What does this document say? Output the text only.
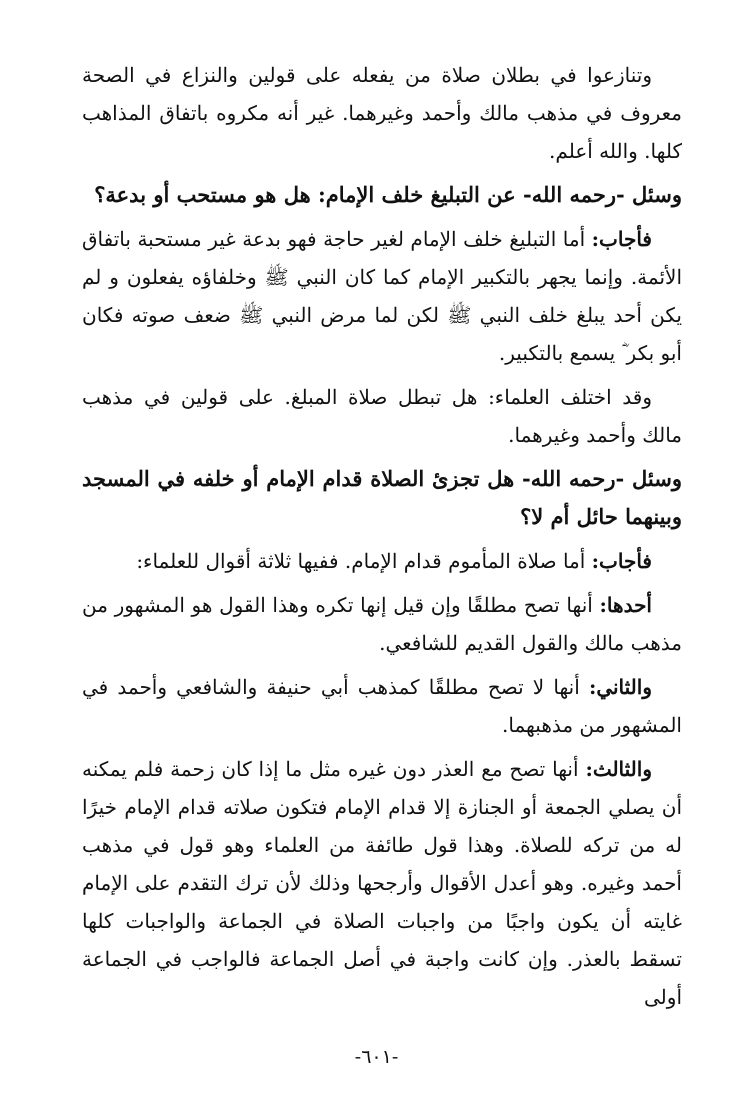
وتنازعوا في بطلان صلاة من يفعله على قولين والنزاع في الصحة معروف في مذهب مالك وأحمد وغيرهما. غير أنه مكروه باتفاق المذاهب كلها. والله أعلم.

وسئل -رحمه الله- عن التبليغ خلف الإمام: هل هو مستحب أو بدعة؟

فأجاب: أما التبليغ خلف الإمام لغير حاجة فهو بدعة غير مستحبة باتفاق الأئمة. وإنما يجهر بالتكبير الإمام كما كان النبي ﷺ وخلفاؤه يفعلون و لم يكن أحد يبلغ خلف النبي ﷺ لكن لما مرض النبي ﷺ ضعف صوته فكان أبو بكر ؓ يسمع بالتكبير.

وقد اختلف العلماء: هل تبطل صلاة المبلغ. على قولين في مذهب مالك وأحمد وغيرهما.

وسئل -رحمه الله- هل تجزئ الصلاة قدام الإمام أو خلفه في المسجد وبينهما حائل أم لا؟

فأجاب: أما صلاة المأموم قدام الإمام. ففيها ثلاثة أقوال للعلماء:

أحدها: أنها تصح مطلقًا وإن قيل إنها تكره وهذا القول هو المشهور من مذهب مالك والقول القديم للشافعي.

والثاني: أنها لا تصح مطلقًا كمذهب أبي حنيفة والشافعي وأحمد في المشهور من مذهبهما.

والثالث: أنها تصح مع العذر دون غيره مثل ما إذا كان زحمة فلم يمكنه أن يصلي الجمعة أو الجنازة إلا قدام الإمام فتكون صلاته قدام الإمام خيرًا له من تركه للصلاة. وهذا قول طائفة من العلماء وهو قول في مذهب أحمد وغيره. وهو أعدل الأقوال وأرجحها وذلك لأن ترك التقدم على الإمام غايته أن يكون واجبًا من واجبات الصلاة في الجماعة والواجبات كلها تسقط بالعذر. وإن كانت واجبة في أصل الجماعة فالواجب في الجماعة أولى

-٦٠١-
